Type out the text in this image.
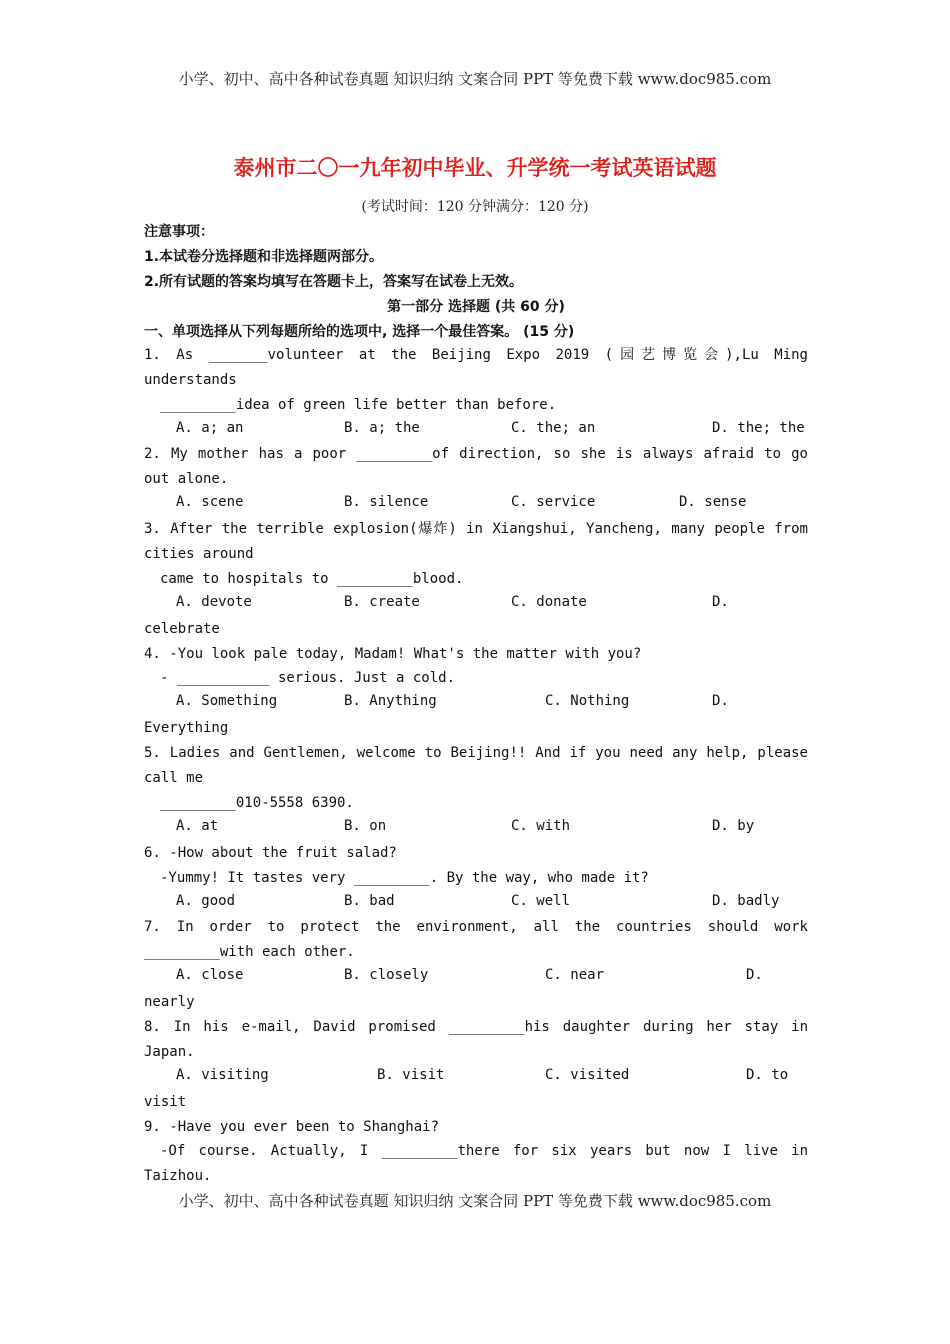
小学、初中、高中各种试卷真题 知识归纳 文案合同 PPT 等免费下载 www.doc985.com
泰州市二〇一九年初中毕业、升学统一考试英语试题
(考试时间：120 分钟满分：120 分)
注意事项：
1.本试卷分选择题和非选择题两部分。
2.所有试题的答案均填写在答题卡上，答案写在试卷上无效。
第一部分 选择题 (共 60 分)
一、单项选择从下列每题所给的选项中, 选择一个最佳答案。 (15 分)
1. As _______volunteer at the Beijing Expo 2019 (园艺博览会),Lu Ming
understands
_________idea of green life better than before.
A. a; an	B. a; the	C. the; an	D. the; the
2. My mother has a poor _________of direction, so she is always afraid to go
out alone.
A. scene	B. silence	C. service	D. sense
3. After the terrible explosion(爆炸) in Xiangshui, Yancheng, many people from
cities around
came to hospitals to _________blood.
A. devote	B. create	C. donate	D.
celebrate
4. -You look pale today, Madam! What's the matter with you?
- ___________ serious. Just a cold.
A. Something	B. Anything	C. Nothing	D.
Everything
5. Ladies and Gentlemen, welcome to Beijing!! And if you need any help, please
call me
_________010-5558 6390.
A. at	B. on	C. with	D. by
6. -How about the fruit salad?
-Yummy! It tastes very _________. By the way, who made it?
A. good	B. bad	C. well	D. badly
7. In order to protect the environment, all the countries should work
_________with each other.
A. close	B. closely	C. near	D.
nearly
8. In his e-mail, David promised _________his daughter during her stay in
Japan.
A. visiting	B. visit	C. visited	D. to
visit
9. -Have you ever been to Shanghai?
-Of course. Actually, I _________there for six years but now I live in
Taizhou.
小学、初中、高中各种试卷真题 知识归纳 文案合同 PPT 等免费下载 www.doc985.com
